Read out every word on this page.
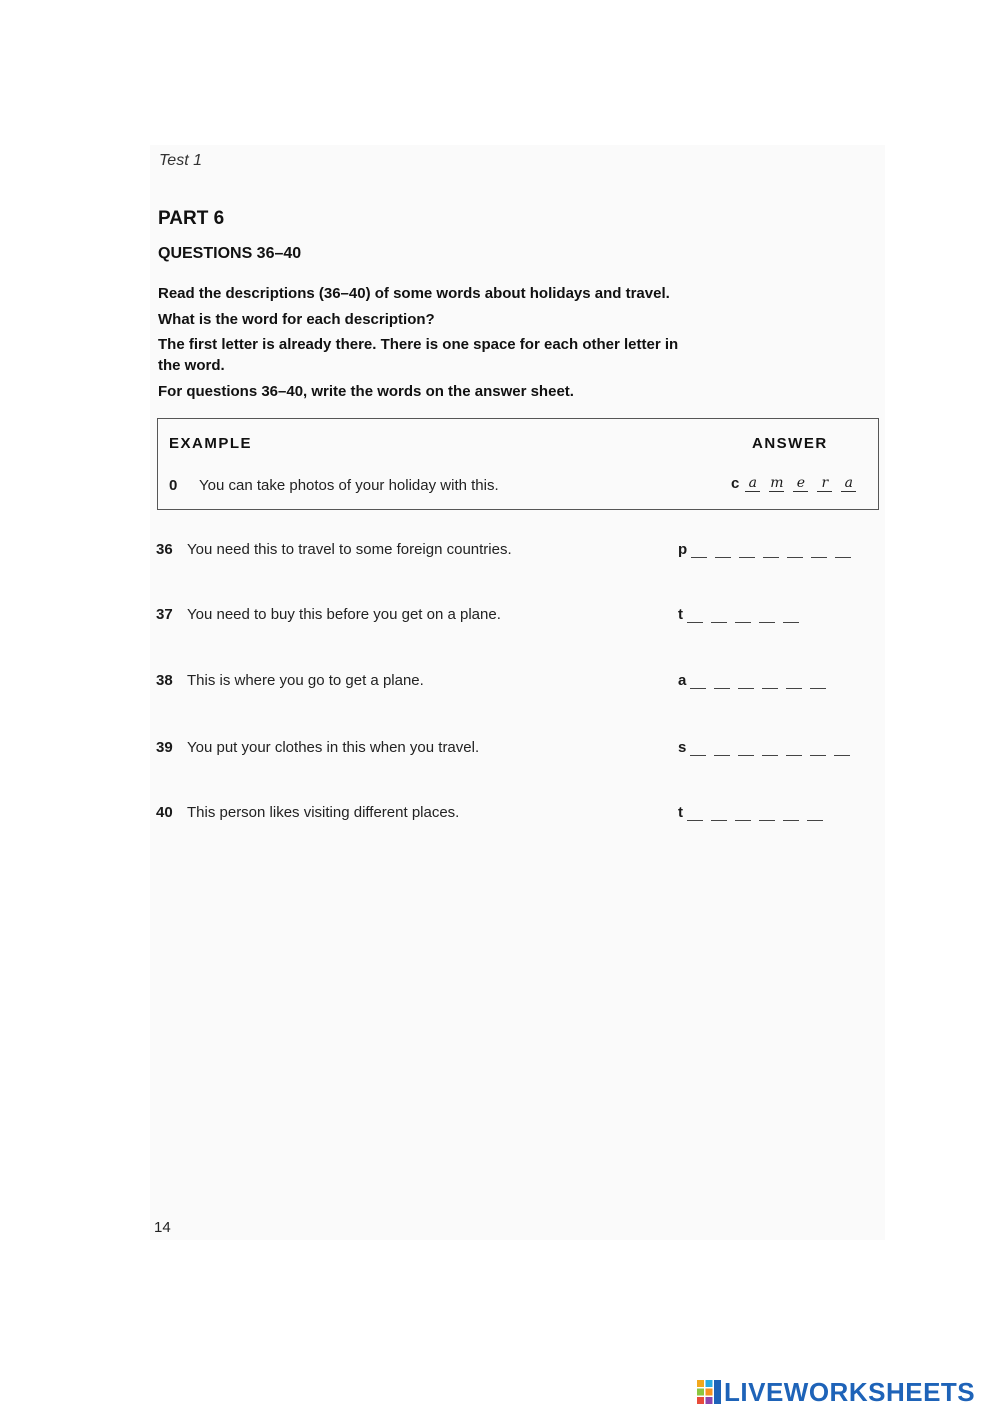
Test 1
PART 6
QUESTIONS 36–40
Read the descriptions (36–40) of some words about holidays and travel.
What is the word for each description?
The first letter is already there. There is one space for each other letter in
the word.
For questions 36–40, write the words on the answer sheet.
EXAMPLE	ANSWER
0 You can take photos of your holiday with this.	c a m e r a
36 You need this to travel to some foreign countries.	p
37 You need to buy this before you get on a plane.	t
38 This is where you go to get a plane.	a
39 You put your clothes in this when you travel.	s
40 This person likes visiting different places.	t
14
LIVEWORKSHEETS
